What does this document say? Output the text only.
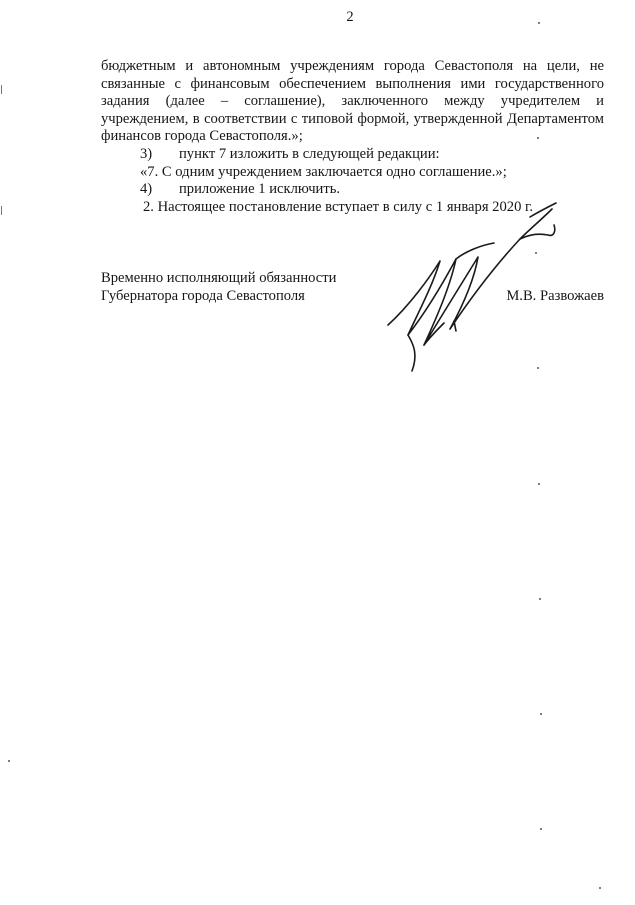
2

бюджетным и автономным учреждениям города Севастополя на цели, не связанные с финансовым обеспечением выполнения ими государственного задания (далее – соглашение), заключенного между учредителем и учреждением, в соответствии с типовой формой, утвержденной Департаментом финансов города Севастополя.»;

3) пункт 7 изложить в следующей редакции:

«7. С одним учреждением заключается одно соглашение.»;

4) приложение 1 исключить.

2. Настоящее постановление вступает в силу с 1 января 2020 г.

Временно исполняющий обязанности
Губернатора города Севастополя	М.В. Развожаев
